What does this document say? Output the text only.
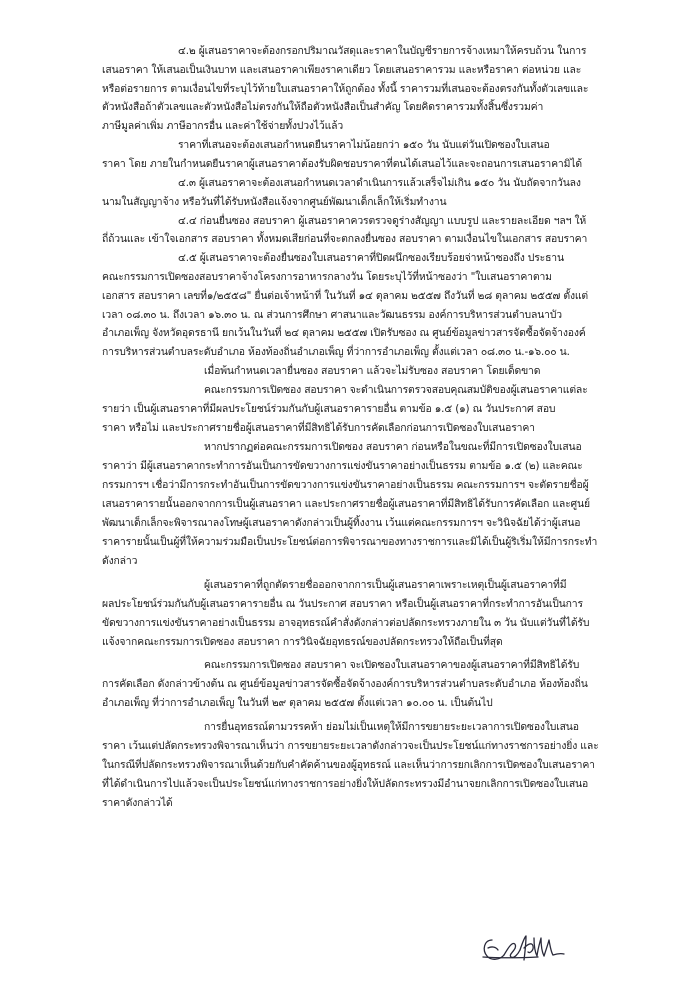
๔.๒ ผู้เสนอราคาจะต้องกรอกปริมาณวัสดุและราคาในบัญชีรายการจ้างเหมาให้ครบถ้วน ในการ
เสนอราคา ให้เสนอเป็นเงินบาท และเสนอราคาเพียงราคาเดียว โดยเสนอราคารวม และหรือราคา ต่อหน่วย และ
หรือต่อรายการ ตามเงื่อนไขที่ระบุไว้ท้ายใบเสนอราคาให้ถูกต้อง ทั้งนี้ ราคารวมที่เสนอจะต้องตรงกันทั้งตัวเลขและ
ตัวหนังสือถ้าตัวเลขและตัวหนังสือไม่ตรงกันให้ถือตัวหนังสือเป็นสำคัญ โดยคิดราคารวมทั้งสิ้นซึ่งรวมค่า
ภาษีมูลค่าเพิ่ม ภาษีอากรอื่น และค่าใช้จ่ายทั้งปวงไว้แล้ว
ราคาที่เสนอจะต้องเสนอกำหนดยืนราคาไม่น้อยกว่า ๑๕๐ วัน นับแต่วันเปิดซองใบเสนอ
ราคา โดย ภายในกำหนดยืนราคาผู้เสนอราคาต้องรับผิดชอบราคาที่ตนได้เสนอไว้และจะถอนการเสนอราคามิได้
๔.๓ ผู้เสนอราคาจะต้องเสนอกำหนดเวลาดำเนินการแล้วเสร็จไม่เกิน ๑๕๐ วัน นับถัดจากวันลง
นามในสัญญาจ้าง หรือวันที่ได้รับหนังสือแจ้งจากศูนย์พัฒนาเด็กเล็กให้เริ่มทำงาน
๔.๔ ก่อนยื่นซอง สอบราคา ผู้เสนอราคาควรตรวจดูร่างสัญญา แบบรูป และรายละเอียด ฯลฯ ให้
ถี่ถ้วนและ เข้าใจเอกสาร สอบราคา ทั้งหมดเสียก่อนที่จะตกลงยื่นซอง สอบราคา ตามเงื่อนไขในเอกสาร สอบราคา
๔.๕ ผู้เสนอราคาจะต้องยื่นซองใบเสนอราคาที่ปิดผนึกซองเรียบร้อยจ่าหน้าซองถึง ประธาน
คณะกรรมการเปิดซองสอบราคาจ้างโครงการอาหารกลางวัน โดยระบุไว้ที่หน้าซองว่า "ใบเสนอราคาตาม
เอกสาร สอบราคา เลขที่๑/๒๕๕๘" ยื่นต่อเจ้าหน้าที่ ในวันที่ ๑๔ ตุลาคม ๒๕๕๗ ถึงวันที่ ๒๘ ตุลาคม ๒๕๕๗ ตั้งแต่
เวลา ๐๘.๓๐ น. ถึงเวลา ๑๖.๓๐ น. ณ ส่วนการศึกษา ศาสนาและวัฒนธรรม องค์การบริหารส่วนตำบลนาบัว
อำเภอเพ็ญ จังหวัดอุดรธานี ยกเว้นในวันที่ ๒๔ ตุลาคม ๒๕๕๗ เปิดรับซอง ณ ศูนย์ข้อมูลข่าวสารจัดซื้อจัดจ้างองค์
การบริหารส่วนตำบลระดับอำเภอ ห้องท้องถิ่นอำเภอเพ็ญ ที่ว่าการอำเภอเพ็ญ ตั้งแต่เวลา ๐๘.๓๐ น.-๑๖.๐๐ น.
เมื่อพ้นกำหนดเวลายื่นซอง สอบราคา แล้วจะไม่รับซอง สอบราคา โดยเด็ดขาด
คณะกรรมการเปิดซอง สอบราคา จะดำเนินการตรวจสอบคุณสมบัติของผู้เสนอราคาแต่ละ
รายว่า เป็นผู้เสนอราคาที่มีผลประโยชน์ร่วมกันกับผู้เสนอราคารายอื่น ตามข้อ ๑.๕ (๑) ณ วันประกาศ สอบ
ราคา หรือไม่ และประกาศรายชื่อผู้เสนอราคาที่มีสิทธิได้รับการคัดเลือกก่อนการเปิดซองใบเสนอราคา
หากปรากฏต่อคณะกรรมการเปิดซอง สอบราคา ก่อนหรือในขณะที่มีการเปิดซองใบเสนอ
ราคาว่า มีผู้เสนอราคากระทำการอันเป็นการขัดขวางการแข่งขันราคาอย่างเป็นธรรม ตามข้อ ๑.๕ (๒) และคณะ
กรรมการฯ เชื่อว่ามีการกระทำอันเป็นการขัดขวางการแข่งขันราคาอย่างเป็นธรรม คณะกรรมการฯ จะตัดรายชื่อผู้
เสนอราคารายนั้นออกจากการเป็นผู้เสนอราคา และประกาศรายชื่อผู้เสนอราคาที่มีสิทธิได้รับการคัดเลือก และศูนย์
พัฒนาเด็กเล็กจะพิจารณาลงโทษผู้เสนอราคาดังกล่าวเป็นผู้ทิ้งงาน เว้นแต่คณะกรรมการฯ จะวินิจฉัยได้ว่าผู้เสนอ
ราคารายนั้นเป็นผู้ที่ให้ความร่วมมือเป็นประโยชน์ต่อการพิจารณาของทางราชการและมิได้เป็นผู้ริเริ่มให้มีการกระทำ
ดังกล่าว
ผู้เสนอราคาที่ถูกตัดรายชื่อออกจากการเป็นผู้เสนอราคาเพราะเหตุเป็นผู้เสนอราคาที่มี
ผลประโยชน์ร่วมกันกับผู้เสนอราคารายอื่น ณ วันประกาศ สอบราคา หรือเป็นผู้เสนอราคาที่กระทำการอันเป็นการ
ขัดขวางการแข่งขันราคาอย่างเป็นธรรม อาจอุทธรณ์คำสั่งดังกล่าวต่อปลัดกระทรวงภายใน ๓ วัน นับแต่วันที่ได้รับ
แจ้งจากคณะกรรมการเปิดซอง สอบราคา การวินิจฉัยอุทธรณ์ของปลัดกระทรวงให้ถือเป็นที่สุด
คณะกรรมการเปิดซอง สอบราคา จะเปิดซองใบเสนอราคาของผู้เสนอราคาที่มีสิทธิได้รับ
การคัดเลือก ดังกล่าวข้างต้น ณ ศูนย์ข้อมูลข่าวสารจัดซื้อจัดจ้างองค์การบริหารส่วนตำบลระดับอำเภอ ห้องท้องถิ่น
อำเภอเพ็ญ ที่ว่าการอำเภอเพ็ญ ในวันที่ ๒๙ ตุลาคม ๒๕๕๗ ตั้งแต่เวลา ๑๐.๐๐ น. เป็นต้นไป
การยื่นอุทธรณ์ตามวรรคห้า ย่อมไม่เป็นเหตุให้มีการขยายระยะเวลาการเปิดซองใบเสนอ
ราคา เว้นแต่ปลัดกระทรวงพิจารณาเห็นว่า การขยายระยะเวลาดังกล่าวจะเป็นประโยชน์แก่ทางราชการอย่างยิ่ง และ
ในกรณีที่ปลัดกระทรวงพิจารณาเห็นด้วยกับคำคัดค้านของผู้อุทธรณ์ และเห็นว่าการยกเลิกการเปิดซองใบเสนอราคา
ที่ได้ดำเนินการไปแล้วจะเป็นประโยชน์แก่ทางราชการอย่างยิ่งให้ปลัดกระทรวงมีอำนาจยกเลิกการเปิดซองใบเสนอ
ราคาดังกล่าวได้
